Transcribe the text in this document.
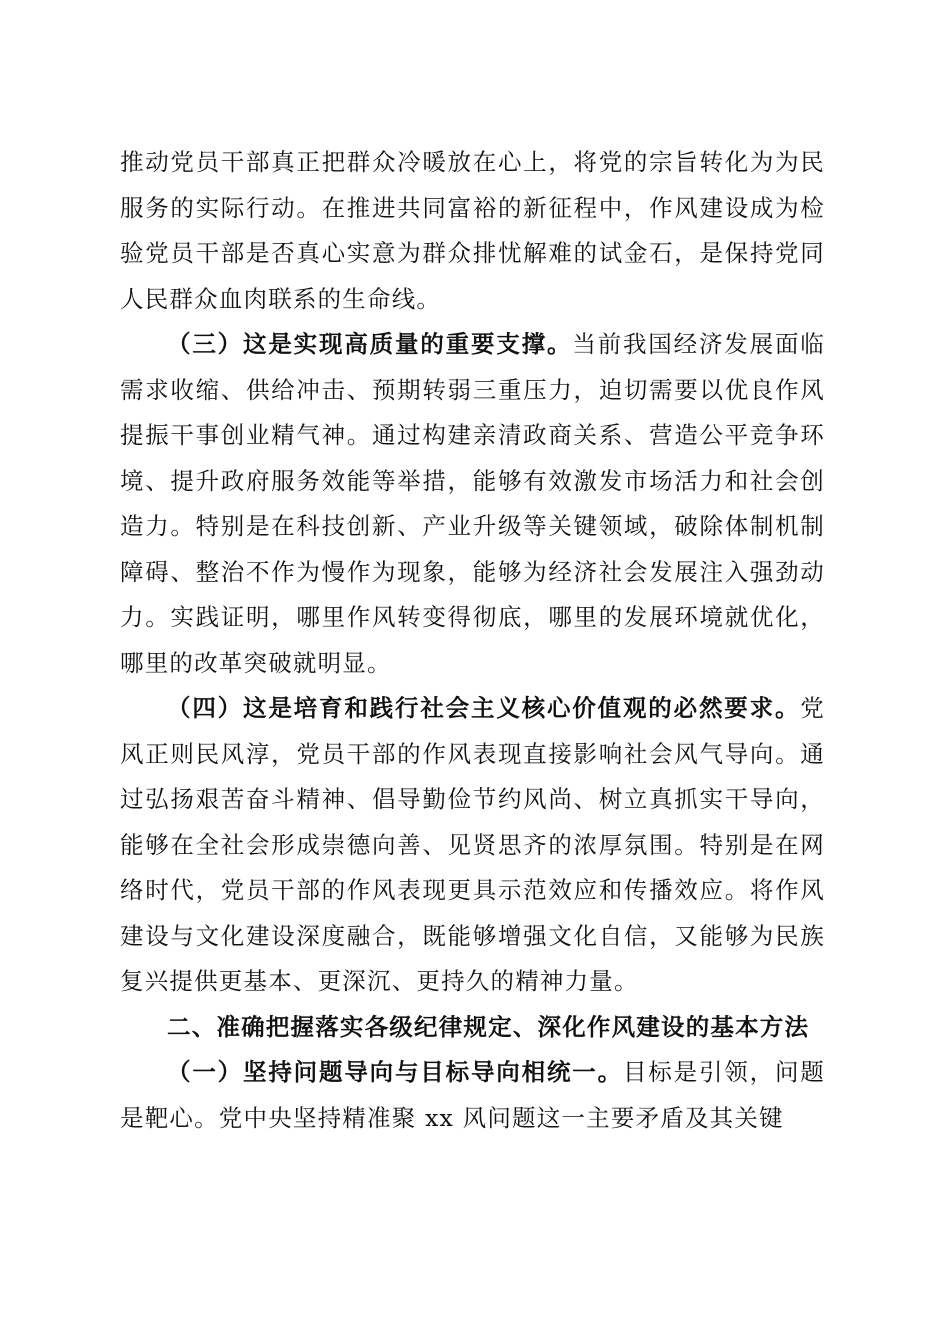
推动党员干部真正把群众冷暖放在心上，将党的宗旨转化为为民服务的实际行动。在推进共同富裕的新征程中，作风建设成为检验党员干部是否真心实意为群众排忧解难的试金石，是保持党同人民群众血肉联系的生命线。

（三）这是实现高质量的重要支撑。当前我国经济发展面临需求收缩、供给冲击、预期转弱三重压力，迫切需要以优良作风提振干事创业精气神。通过构建亲清政商关系、营造公平竞争环境、提升政府服务效能等举措，能够有效激发市场活力和社会创造力。特别是在科技创新、产业升级等关键领域，破除体制机制障碍、整治不作为慢作为现象，能够为经济社会发展注入强劲动力。实践证明，哪里作风转变得彻底，哪里的发展环境就优化，哪里的改革突破就明显。

（四）这是培育和践行社会主义核心价值观的必然要求。党风正则民风淳，党员干部的作风表现直接影响社会风气导向。通过弘扬艰苦奋斗精神、倡导勤俭节约风尚、树立真抓实干导向，能够在全社会形成崇德向善、见贤思齐的浓厚氛围。特别是在网络时代，党员干部的作风表现更具示范效应和传播效应。将作风建设与文化建设深度融合，既能够增强文化自信，又能够为民族复兴提供更基本、更深沉、更持久的精神力量。

二、准确把握落实各级纪律规定、深化作风建设的基本方法

（一）坚持问题导向与目标导向相统一。目标是引领，问题是靶心。党中央坚持精准聚 xx 风问题这一主要矛盾及其关键
